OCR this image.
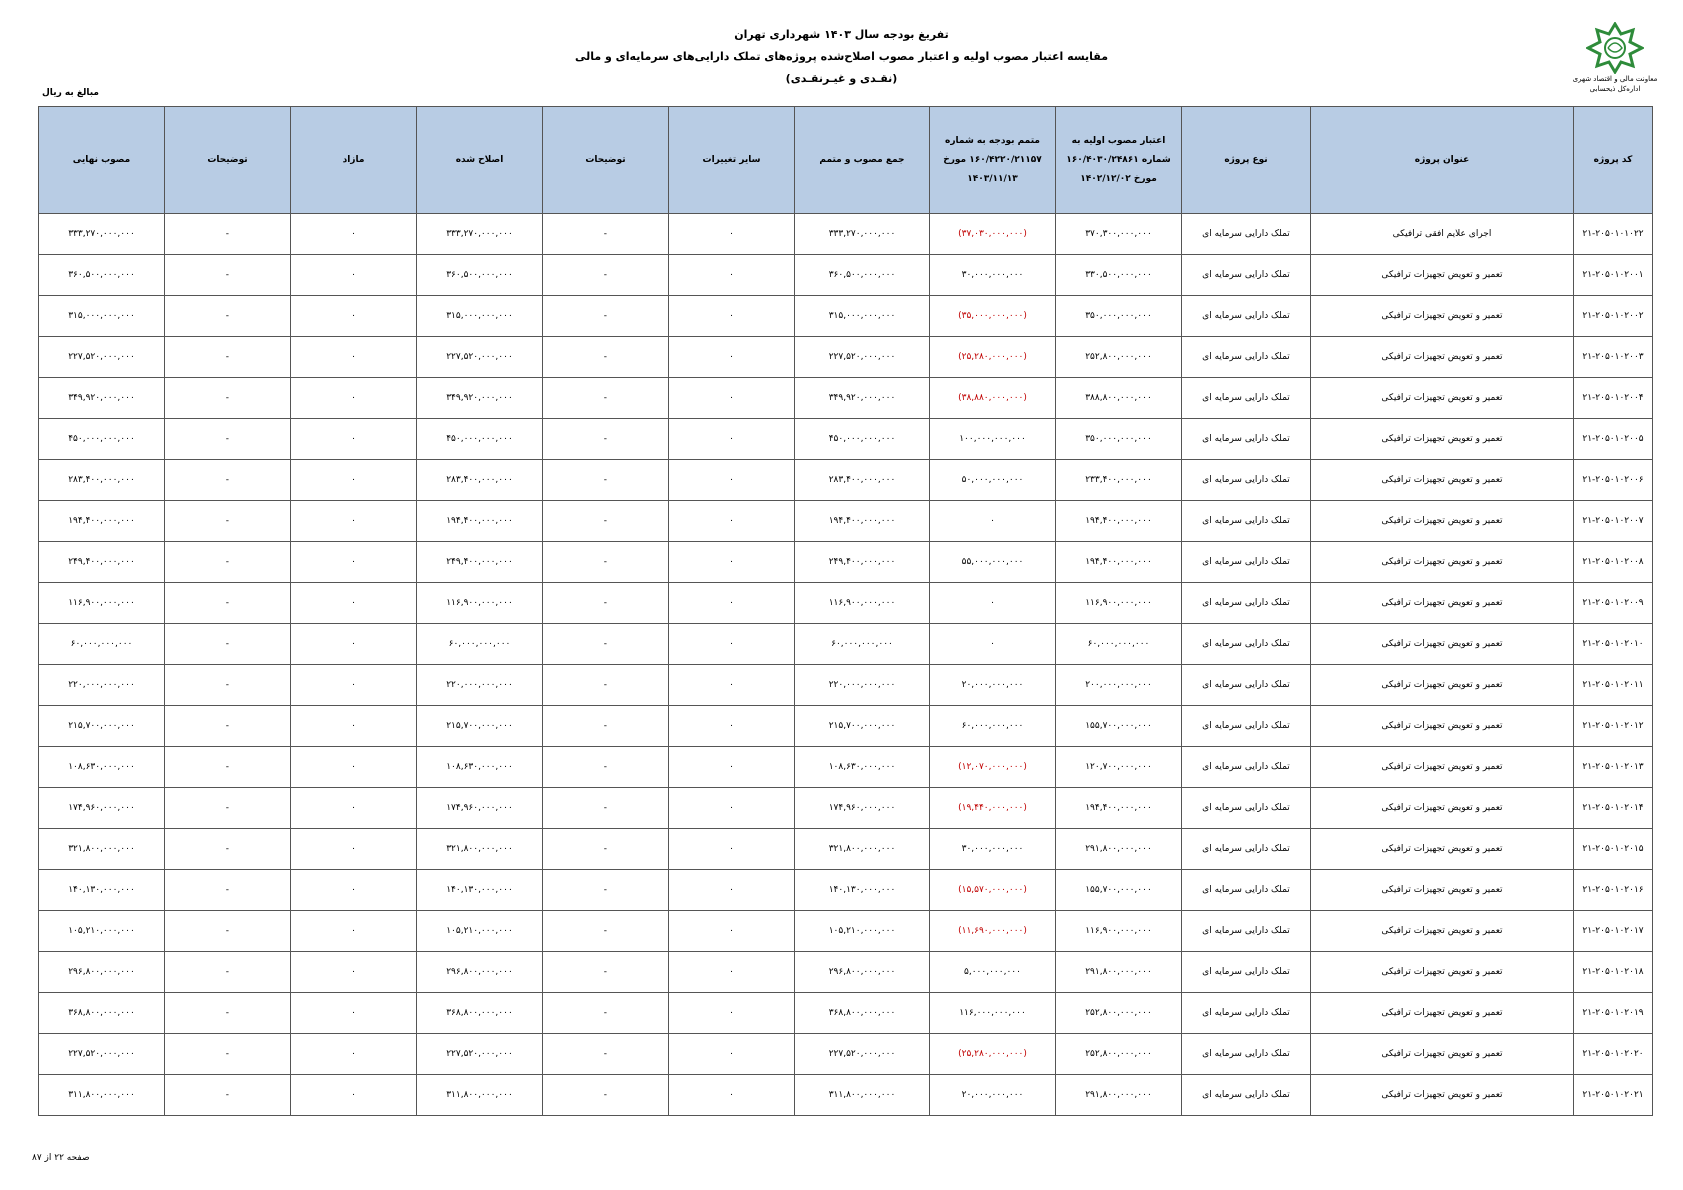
تفریغ بودجه سال ۱۴۰۳ شهرداری تهران
مقایسه اعتبار مصوب اولیه و اعتبار مصوب اصلاح‌شده پروژه‌های تملک دارایی‌های سرمایه‌ای و مالی
(نقـدی و غیـرنقـدی)	معاونت مالی و اقتصاد شهری
اداره‌کل ذیحسابی
مبالغ به ریال
کد پروژه	عنوان پروژه	نوع پروژه	اعتبار مصوب اولیه به شماره ۱۶۰/۴۰۳۰/۲۴۸۶۱ مورخ ۱۴۰۲/۱۲/۰۲	متمم بودجه به شماره ۱۶۰/۴۲۲۰/۲۱۱۵۷ مورخ ۱۴۰۳/۱۱/۱۳	جمع مصوب و متمم	سایر تغییرات	توضیحات	اصلاح شده	مازاد	توضیحات	مصوب نهایی
۲۱-۲۰۵۰۱۰۱۰۲۲	اجرای علایم افقی ترافیکی	تملک دارایی سرمایه ای	۳۷۰,۳۰۰,۰۰۰,۰۰۰	(۳۷,۰۳۰,۰۰۰,۰۰۰)	۳۳۳,۲۷۰,۰۰۰,۰۰۰	۰	-	۳۳۳,۲۷۰,۰۰۰,۰۰۰	۰	-	۳۳۳,۲۷۰,۰۰۰,۰۰۰
۲۱-۲۰۵۰۱۰۲۰۰۱	تعمیر و تعویض تجهیزات ترافیکی	تملک دارایی سرمایه ای	۳۳۰,۵۰۰,۰۰۰,۰۰۰	۳۰,۰۰۰,۰۰۰,۰۰۰	۳۶۰,۵۰۰,۰۰۰,۰۰۰	۰	-	۳۶۰,۵۰۰,۰۰۰,۰۰۰	۰	-	۳۶۰,۵۰۰,۰۰۰,۰۰۰
۲۱-۲۰۵۰۱۰۲۰۰۲	تعمیر و تعویض تجهیزات ترافیکی	تملک دارایی سرمایه ای	۳۵۰,۰۰۰,۰۰۰,۰۰۰	(۳۵,۰۰۰,۰۰۰,۰۰۰)	۳۱۵,۰۰۰,۰۰۰,۰۰۰	۰	-	۳۱۵,۰۰۰,۰۰۰,۰۰۰	۰	-	۳۱۵,۰۰۰,۰۰۰,۰۰۰
۲۱-۲۰۵۰۱۰۲۰۰۳	تعمیر و تعویض تجهیزات ترافیکی	تملک دارایی سرمایه ای	۲۵۲,۸۰۰,۰۰۰,۰۰۰	(۲۵,۲۸۰,۰۰۰,۰۰۰)	۲۲۷,۵۲۰,۰۰۰,۰۰۰	۰	-	۲۲۷,۵۲۰,۰۰۰,۰۰۰	۰	-	۲۲۷,۵۲۰,۰۰۰,۰۰۰
۲۱-۲۰۵۰۱۰۲۰۰۴	تعمیر و تعویض تجهیزات ترافیکی	تملک دارایی سرمایه ای	۳۸۸,۸۰۰,۰۰۰,۰۰۰	(۳۸,۸۸۰,۰۰۰,۰۰۰)	۳۴۹,۹۲۰,۰۰۰,۰۰۰	۰	-	۳۴۹,۹۲۰,۰۰۰,۰۰۰	۰	-	۳۴۹,۹۲۰,۰۰۰,۰۰۰
۲۱-۲۰۵۰۱۰۲۰۰۵	تعمیر و تعویض تجهیزات ترافیکی	تملک دارایی سرمایه ای	۳۵۰,۰۰۰,۰۰۰,۰۰۰	۱۰۰,۰۰۰,۰۰۰,۰۰۰	۴۵۰,۰۰۰,۰۰۰,۰۰۰	۰	-	۴۵۰,۰۰۰,۰۰۰,۰۰۰	۰	-	۴۵۰,۰۰۰,۰۰۰,۰۰۰
۲۱-۲۰۵۰۱۰۲۰۰۶	تعمیر و تعویض تجهیزات ترافیکی	تملک دارایی سرمایه ای	۲۳۳,۴۰۰,۰۰۰,۰۰۰	۵۰,۰۰۰,۰۰۰,۰۰۰	۲۸۳,۴۰۰,۰۰۰,۰۰۰	۰	-	۲۸۳,۴۰۰,۰۰۰,۰۰۰	۰	-	۲۸۳,۴۰۰,۰۰۰,۰۰۰
۲۱-۲۰۵۰۱۰۲۰۰۷	تعمیر و تعویض تجهیزات ترافیکی	تملک دارایی سرمایه ای	۱۹۴,۴۰۰,۰۰۰,۰۰۰	۰	۱۹۴,۴۰۰,۰۰۰,۰۰۰	۰	-	۱۹۴,۴۰۰,۰۰۰,۰۰۰	۰	-	۱۹۴,۴۰۰,۰۰۰,۰۰۰
۲۱-۲۰۵۰۱۰۲۰۰۸	تعمیر و تعویض تجهیزات ترافیکی	تملک دارایی سرمایه ای	۱۹۴,۴۰۰,۰۰۰,۰۰۰	۵۵,۰۰۰,۰۰۰,۰۰۰	۲۴۹,۴۰۰,۰۰۰,۰۰۰	۰	-	۲۴۹,۴۰۰,۰۰۰,۰۰۰	۰	-	۲۴۹,۴۰۰,۰۰۰,۰۰۰
۲۱-۲۰۵۰۱۰۲۰۰۹	تعمیر و تعویض تجهیزات ترافیکی	تملک دارایی سرمایه ای	۱۱۶,۹۰۰,۰۰۰,۰۰۰	۰	۱۱۶,۹۰۰,۰۰۰,۰۰۰	۰	-	۱۱۶,۹۰۰,۰۰۰,۰۰۰	۰	-	۱۱۶,۹۰۰,۰۰۰,۰۰۰
۲۱-۲۰۵۰۱۰۲۰۱۰	تعمیر و تعویض تجهیزات ترافیکی	تملک دارایی سرمایه ای	۶۰,۰۰۰,۰۰۰,۰۰۰	۰	۶۰,۰۰۰,۰۰۰,۰۰۰	۰	-	۶۰,۰۰۰,۰۰۰,۰۰۰	۰	-	۶۰,۰۰۰,۰۰۰,۰۰۰
۲۱-۲۰۵۰۱۰۲۰۱۱	تعمیر و تعویض تجهیزات ترافیکی	تملک دارایی سرمایه ای	۲۰۰,۰۰۰,۰۰۰,۰۰۰	۲۰,۰۰۰,۰۰۰,۰۰۰	۲۲۰,۰۰۰,۰۰۰,۰۰۰	۰	-	۲۲۰,۰۰۰,۰۰۰,۰۰۰	۰	-	۲۲۰,۰۰۰,۰۰۰,۰۰۰
۲۱-۲۰۵۰۱۰۲۰۱۲	تعمیر و تعویض تجهیزات ترافیکی	تملک دارایی سرمایه ای	۱۵۵,۷۰۰,۰۰۰,۰۰۰	۶۰,۰۰۰,۰۰۰,۰۰۰	۲۱۵,۷۰۰,۰۰۰,۰۰۰	۰	-	۲۱۵,۷۰۰,۰۰۰,۰۰۰	۰	-	۲۱۵,۷۰۰,۰۰۰,۰۰۰
۲۱-۲۰۵۰۱۰۲۰۱۳	تعمیر و تعویض تجهیزات ترافیکی	تملک دارایی سرمایه ای	۱۲۰,۷۰۰,۰۰۰,۰۰۰	(۱۲,۰۷۰,۰۰۰,۰۰۰)	۱۰۸,۶۳۰,۰۰۰,۰۰۰	۰	-	۱۰۸,۶۳۰,۰۰۰,۰۰۰	۰	-	۱۰۸,۶۳۰,۰۰۰,۰۰۰
۲۱-۲۰۵۰۱۰۲۰۱۴	تعمیر و تعویض تجهیزات ترافیکی	تملک دارایی سرمایه ای	۱۹۴,۴۰۰,۰۰۰,۰۰۰	(۱۹,۴۴۰,۰۰۰,۰۰۰)	۱۷۴,۹۶۰,۰۰۰,۰۰۰	۰	-	۱۷۴,۹۶۰,۰۰۰,۰۰۰	۰	-	۱۷۴,۹۶۰,۰۰۰,۰۰۰
۲۱-۲۰۵۰۱۰۲۰۱۵	تعمیر و تعویض تجهیزات ترافیکی	تملک دارایی سرمایه ای	۲۹۱,۸۰۰,۰۰۰,۰۰۰	۳۰,۰۰۰,۰۰۰,۰۰۰	۳۲۱,۸۰۰,۰۰۰,۰۰۰	۰	-	۳۲۱,۸۰۰,۰۰۰,۰۰۰	۰	-	۳۲۱,۸۰۰,۰۰۰,۰۰۰
۲۱-۲۰۵۰۱۰۲۰۱۶	تعمیر و تعویض تجهیزات ترافیکی	تملک دارایی سرمایه ای	۱۵۵,۷۰۰,۰۰۰,۰۰۰	(۱۵,۵۷۰,۰۰۰,۰۰۰)	۱۴۰,۱۳۰,۰۰۰,۰۰۰	۰	-	۱۴۰,۱۳۰,۰۰۰,۰۰۰	۰	-	۱۴۰,۱۳۰,۰۰۰,۰۰۰
۲۱-۲۰۵۰۱۰۲۰۱۷	تعمیر و تعویض تجهیزات ترافیکی	تملک دارایی سرمایه ای	۱۱۶,۹۰۰,۰۰۰,۰۰۰	(۱۱,۶۹۰,۰۰۰,۰۰۰)	۱۰۵,۲۱۰,۰۰۰,۰۰۰	۰	-	۱۰۵,۲۱۰,۰۰۰,۰۰۰	۰	-	۱۰۵,۲۱۰,۰۰۰,۰۰۰
۲۱-۲۰۵۰۱۰۲۰۱۸	تعمیر و تعویض تجهیزات ترافیکی	تملک دارایی سرمایه ای	۲۹۱,۸۰۰,۰۰۰,۰۰۰	۵,۰۰۰,۰۰۰,۰۰۰	۲۹۶,۸۰۰,۰۰۰,۰۰۰	۰	-	۲۹۶,۸۰۰,۰۰۰,۰۰۰	۰	-	۲۹۶,۸۰۰,۰۰۰,۰۰۰
۲۱-۲۰۵۰۱۰۲۰۱۹	تعمیر و تعویض تجهیزات ترافیکی	تملک دارایی سرمایه ای	۲۵۲,۸۰۰,۰۰۰,۰۰۰	۱۱۶,۰۰۰,۰۰۰,۰۰۰	۳۶۸,۸۰۰,۰۰۰,۰۰۰	۰	-	۳۶۸,۸۰۰,۰۰۰,۰۰۰	۰	-	۳۶۸,۸۰۰,۰۰۰,۰۰۰
۲۱-۲۰۵۰۱۰۲۰۲۰	تعمیر و تعویض تجهیزات ترافیکی	تملک دارایی سرمایه ای	۲۵۲,۸۰۰,۰۰۰,۰۰۰	(۲۵,۲۸۰,۰۰۰,۰۰۰)	۲۲۷,۵۲۰,۰۰۰,۰۰۰	۰	-	۲۲۷,۵۲۰,۰۰۰,۰۰۰	۰	-	۲۲۷,۵۲۰,۰۰۰,۰۰۰
۲۱-۲۰۵۰۱۰۲۰۲۱	تعمیر و تعویض تجهیزات ترافیکی	تملک دارایی سرمایه ای	۲۹۱,۸۰۰,۰۰۰,۰۰۰	۲۰,۰۰۰,۰۰۰,۰۰۰	۳۱۱,۸۰۰,۰۰۰,۰۰۰	۰	-	۳۱۱,۸۰۰,۰۰۰,۰۰۰	۰	-	۳۱۱,۸۰۰,۰۰۰,۰۰۰
صفحه ۲۲ از ۸۷
